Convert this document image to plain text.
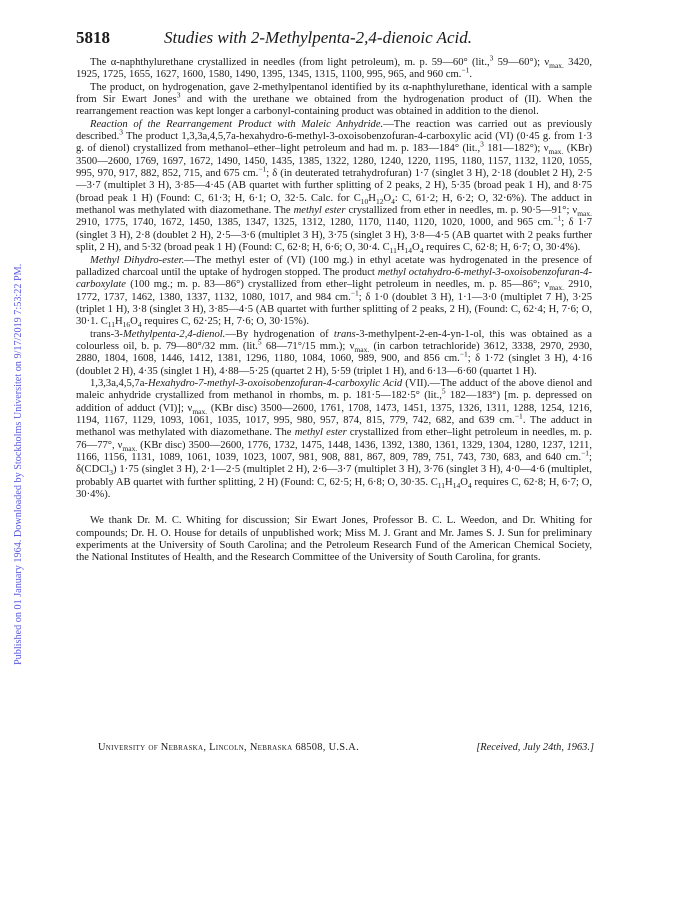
Published on 01 January 1964. Downloaded by Stockholms Universitet on 9/17/2019 7:53:22 PM.
5818	Studies with 2-Methylpenta-2,4-dienoic Acid.

The α-naphthylurethane crystallized in needles (from light petroleum), m. p. 59—60° (lit.,$^3$ 59—60°); $\nu_{max.}$ 3420, 1925, 1725, 1655, 1627, 1600, 1580, 1490, 1395, 1345, 1315, 1100, 995, 965, and 960 cm.$^{-1}$.

The product, on hydrogenation, gave 2-methylpentanol identified by its α-naphthylurethane, identical with a sample from Sir Ewart Jones$^3$ and with the urethane we obtained from the hydrogenation product of (II). When the rearrangement reaction was kept longer a carbonyl-containing product was obtained in addition to the dienol.

Reaction of the Rearrangement Product with Maleic Anhydride.—The reaction was carried out as previously described.$^3$ The product 1,3,3a,4,5,7a-hexahydro-6-methyl-3-oxoisobenzofuran-4-carboxylic acid (VI) (0·45 g. from 1·3 g. of dienol) crystallized from methanol–ether–light petroleum and had m. p. 183—184° (lit.,$^3$ 181—182°); $\nu_{max.}$ (KBr) 3500—2600, 1769, 1697, 1672, 1490, 1450, 1435, 1385, 1322, 1280, 1240, 1220, 1195, 1180, 1157, 1132, 1120, 1055, 995, 970, 917, 882, 852, 715, and 675 cm.$^{-1}$; δ (in deuterated tetrahydrofuran) 1·7 (singlet 3 H), 2·18 (doublet 2 H), 2·5—3·7 (multiplet 3 H), 3·85—4·45 (AB quartet with further splitting of 2 peaks, 2 H), 5·35 (broad peak 1 H), and 8·75 (broad peak 1 H) (Found: C, 61·3; H, 6·1; O, 32·5. Calc. for $C_{10}H_{12}O_4$: C, 61·2; H, 6·2; O, 32·6%). The adduct in methanol was methylated with diazomethane. The methyl ester crystallized from ether in needles, m. p. 90·5—91°; $\nu_{max.}$ 2910, 1775, 1740, 1672, 1450, 1385, 1347, 1325, 1312, 1280, 1170, 1140, 1120, 1020, 1000, and 965 cm.$^{-1}$; δ 1·7 (singlet 3 H), 2·8 (doublet 2 H), 2·5—3·6 (multiplet 3 H), 3·75 (singlet 3 H), 3·8—4·5 (AB quartet with 2 peaks further split, 2 H), and 5·32 (broad peak 1 H) (Found: C, 62·8; H, 6·6; O, 30·4. $C_{11}H_{14}O_4$ requires C, 62·8; H, 6·7; O, 30·4%).

Methyl Dihydro-ester.—The methyl ester of (VI) (100 mg.) in ethyl acetate was hydrogenated in the presence of palladized charcoal until the uptake of hydrogen stopped. The product methyl octahydro-6-methyl-3-oxoisobenzofuran-4-carboxylate (100 mg.; m. p. 83—86°) crystallized from ether–light petroleum in needles, m. p. 85—86°; $\nu_{max.}$ 2910, 1772, 1737, 1462, 1380, 1337, 1132, 1080, 1017, and 984 cm.$^{-1}$; δ 1·0 (doublet 3 H), 1·1—3·0 (multiplet 7 H), 3·25 (triplet 1 H), 3·8 (singlet 3 H), 3·85—4·5 (AB quartet with further splitting of 2 peaks, 2 H), (Found: C, 62·4; H, 7·6; O, 30·1. $C_{11}H_{16}O_4$ requires C, 62·25; H, 7·6; O, 30·15%).

trans-3-Methylpenta-2,4-dienol.—By hydrogenation of trans-3-methylpent-2-en-4-yn-1-ol, this was obtained as a colourless oil, b. p. 79—80°/32 mm. (lit.$^5$ 68—71°/15 mm.); $\nu_{max.}$ (in carbon tetrachloride) 3612, 3338, 2970, 2930, 2880, 1804, 1608, 1446, 1412, 1381, 1296, 1180, 1084, 1060, 989, 900, and 856 cm.$^{-1}$; δ 1·72 (singlet 3 H), 4·16 (doublet 2 H), 4·35 (singlet 1 H), 4·88—5·25 (quartet 2 H), 5·59 (triplet 1 H), and 6·13—6·60 (quartet 1 H).

1,3,3a,4,5,7a-Hexahydro-7-methyl-3-oxoisobenzofuran-4-carboxylic Acid (VII).—The adduct of the above dienol and maleic anhydride crystallized from methanol in rhombs, m. p. 181·5—182·5° (lit.,$^5$ 182—183°) [m. p. depressed on addition of adduct (VI)]; $\nu_{max.}$ (KBr disc) 3500—2600, 1761, 1708, 1473, 1451, 1375, 1326, 1311, 1288, 1254, 1216, 1194, 1167, 1129, 1093, 1061, 1035, 1017, 995, 980, 957, 874, 815, 779, 742, 682, and 639 cm.$^{-1}$. The adduct in methanol was methylated with diazomethane. The methyl ester crystallized from ether–light petroleum in needles, m. p. 76—77°, $\nu_{max.}$ (KBr disc) 3500—2600, 1776, 1732, 1475, 1448, 1436, 1392, 1380, 1361, 1329, 1304, 1280, 1237, 1211, 1166, 1156, 1131, 1089, 1061, 1039, 1023, 1007, 981, 908, 881, 867, 809, 789, 751, 743, 730, 683, and 640 cm.$^{-1}$; δ(CDCl$_3$) 1·75 (singlet 3 H), 2·1—2·5 (multiplet 2 H), 2·6—3·7 (multiplet 3 H), 3·76 (singlet 3 H), 4·0—4·6 (multiplet, probably AB quartet with further splitting, 2 H) (Found: C, 62·5; H, 6·8; O, 30·35. $C_{11}H_{14}O_4$ requires C, 62·8; H, 6·7; O, 30·4%).

We thank Dr. M. C. Whiting for discussion; Sir Ewart Jones, Professor B. C. L. Weedon, and Dr. Whiting for compounds; Dr. H. O. House for details of unpublished work; Miss M. J. Grant and Mr. James S. J. Sun for preliminary experiments at the University of South Carolina; and the Petroleum Research Fund of the American Chemical Society, the National Institutes of Health, and the Research Committee of the University of South Carolina, for grants.

University of Nebraska, Lincoln, Nebraska 68508, U.S.A.	[Received, July 24th, 1963.]
